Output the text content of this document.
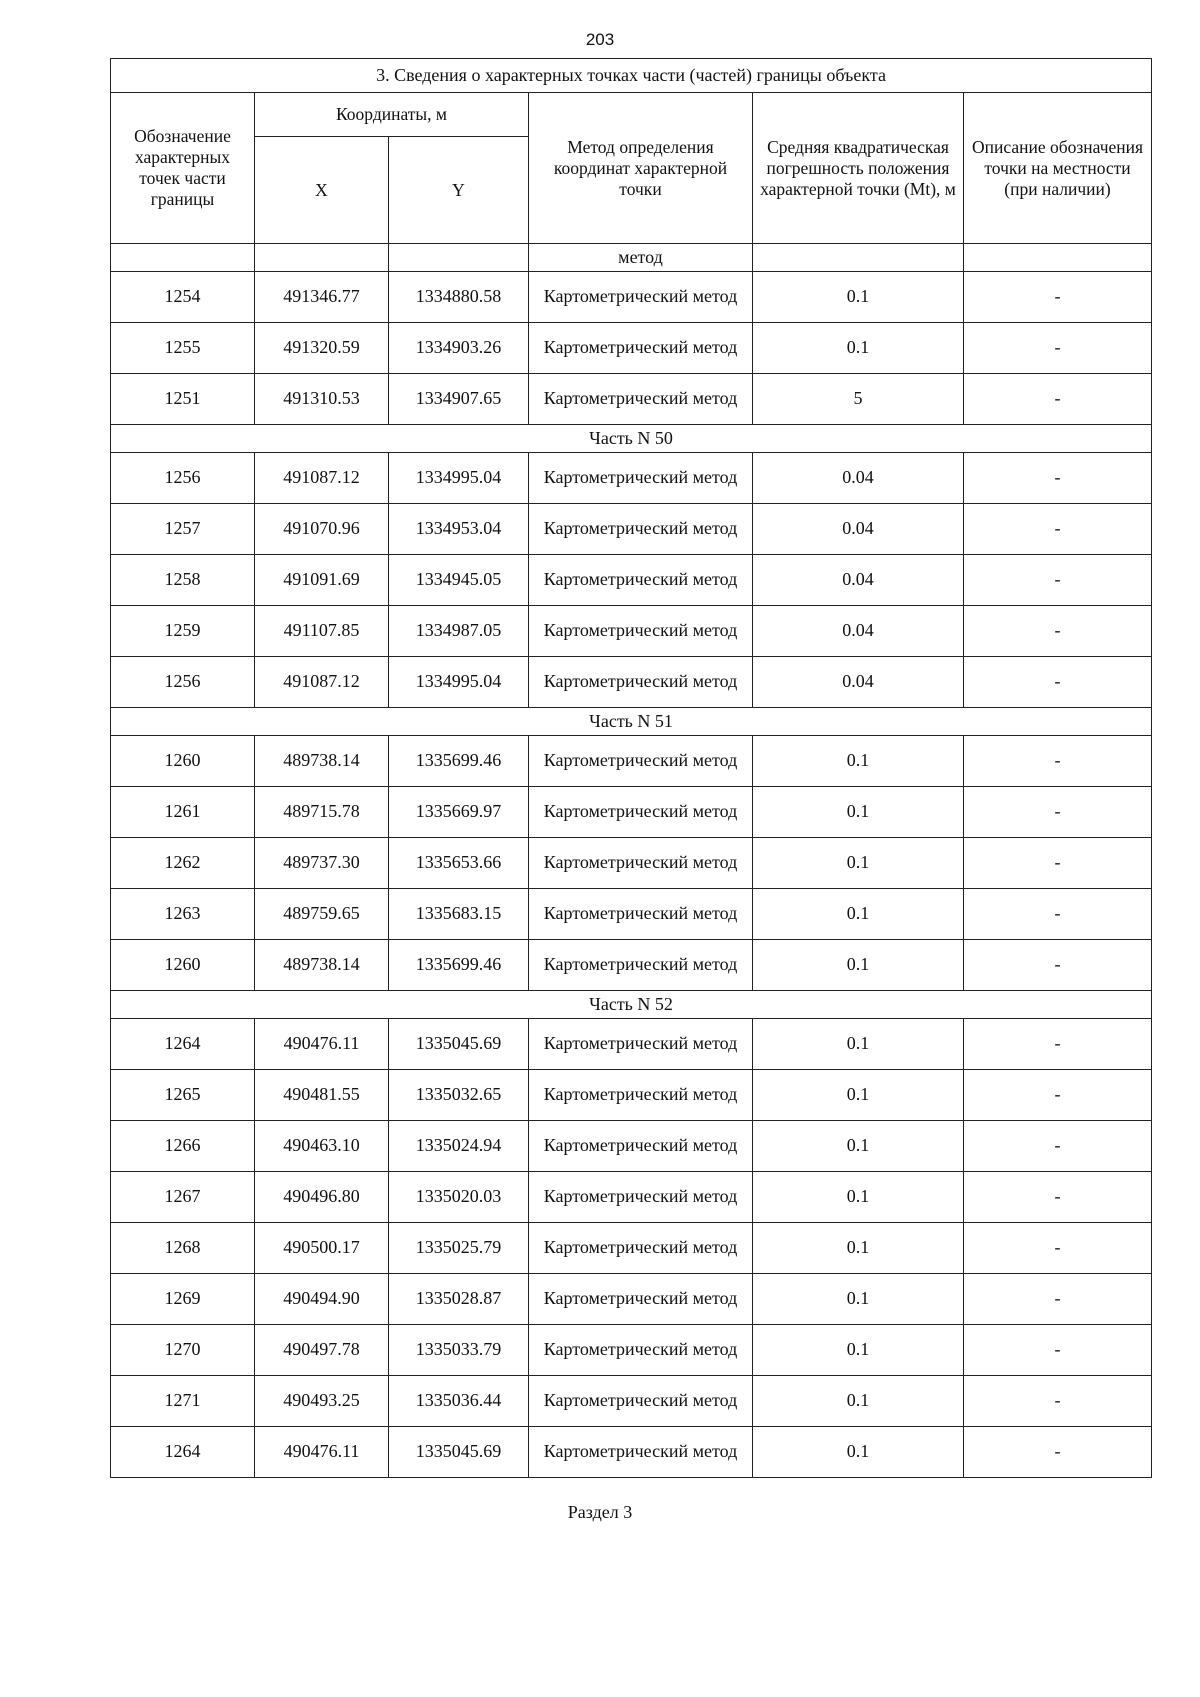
203
3. Сведения о характерных точках части (частей) границы объекта					
Обозначение характерных точек части границы	Координаты, м		Метод определения координат характерной точки	Средняя квадратическая погрешность положения характерной точки (Mt), м	Описание обозначения точки на местности (при наличии)
	X	Y			
			метод		
1254	491346.77	1334880.58	Картометрический метод	0.1	-
1255	491320.59	1334903.26	Картометрический метод	0.1	-
1251	491310.53	1334907.65	Картометрический метод	5	-
Часть N 50					
1256	491087.12	1334995.04	Картометрический метод	0.04	-
1257	491070.96	1334953.04	Картометрический метод	0.04	-
1258	491091.69	1334945.05	Картометрический метод	0.04	-
1259	491107.85	1334987.05	Картометрический метод	0.04	-
1256	491087.12	1334995.04	Картометрический метод	0.04	-
Часть N 51					
1260	489738.14	1335699.46	Картометрический метод	0.1	-
1261	489715.78	1335669.97	Картометрический метод	0.1	-
1262	489737.30	1335653.66	Картометрический метод	0.1	-
1263	489759.65	1335683.15	Картометрический метод	0.1	-
1260	489738.14	1335699.46	Картометрический метод	0.1	-
Часть N 52					
1264	490476.11	1335045.69	Картометрический метод	0.1	-
1265	490481.55	1335032.65	Картометрический метод	0.1	-
1266	490463.10	1335024.94	Картометрический метод	0.1	-
1267	490496.80	1335020.03	Картометрический метод	0.1	-
1268	490500.17	1335025.79	Картометрический метод	0.1	-
1269	490494.90	1335028.87	Картометрический метод	0.1	-
1270	490497.78	1335033.79	Картометрический метод	0.1	-
1271	490493.25	1335036.44	Картометрический метод	0.1	-
1264	490476.11	1335045.69	Картометрический метод	0.1	-
Раздел 3
